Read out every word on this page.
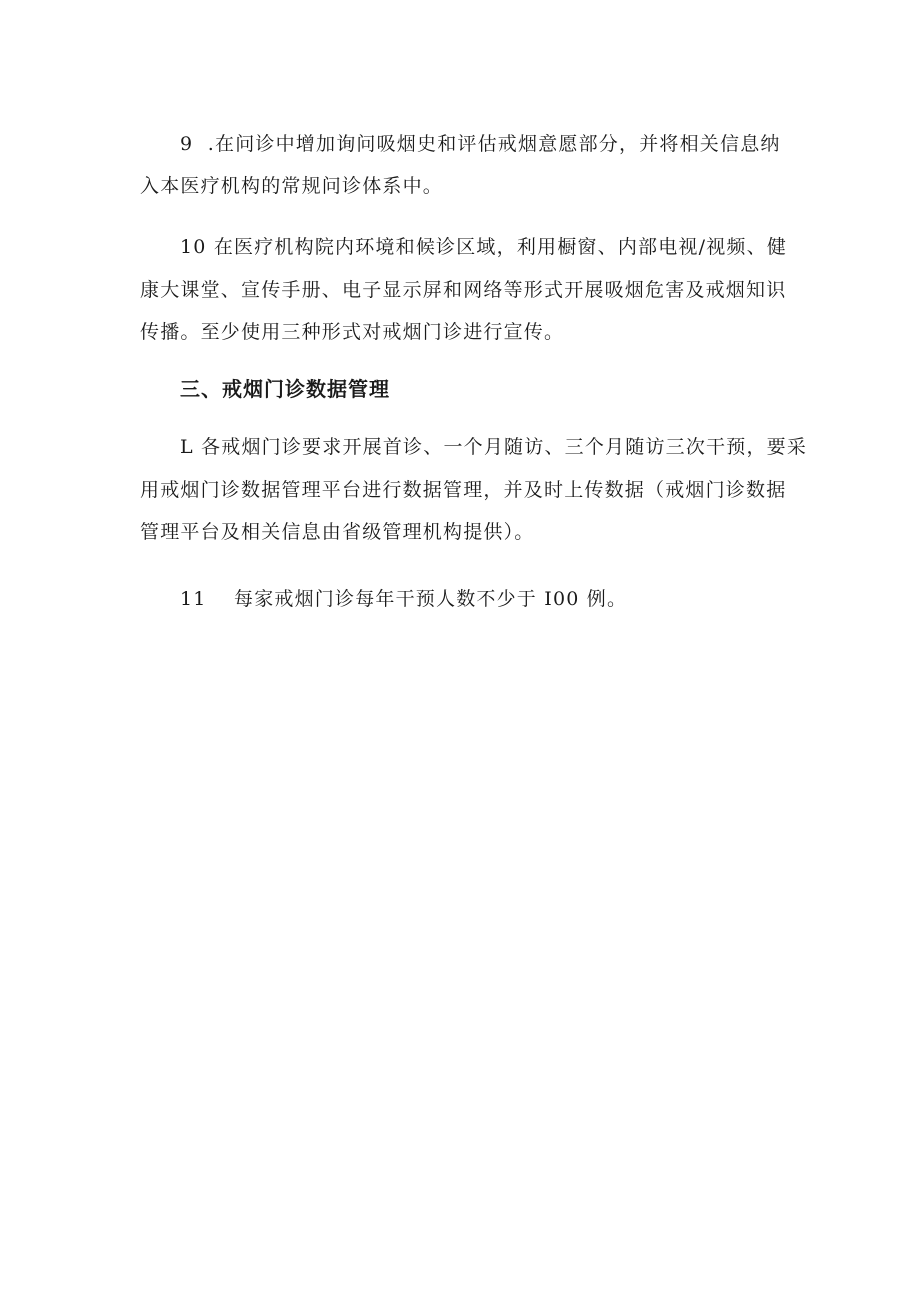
9  .在问诊中增加询问吸烟史和评估戒烟意愿部分，并将相关信息纳
入本医疗机构的常规问诊体系中。
10 在医疗机构院内环境和候诊区域，利用橱窗、内部电视/视频、健
康大课堂、宣传手册、电子显示屏和网络等形式开展吸烟危害及戒烟知识
传播。至少使用三种形式对戒烟门诊进行宣传。
三、戒烟门诊数据管理
L 各戒烟门诊要求开展首诊、一个月随访、三个月随访三次干预，要采
用戒烟门诊数据管理平台进行数据管理，并及时上传数据（戒烟门诊数据
管理平台及相关信息由省级管理机构提供）。
11 每家戒烟门诊每年干预人数不少于 I00 例。
